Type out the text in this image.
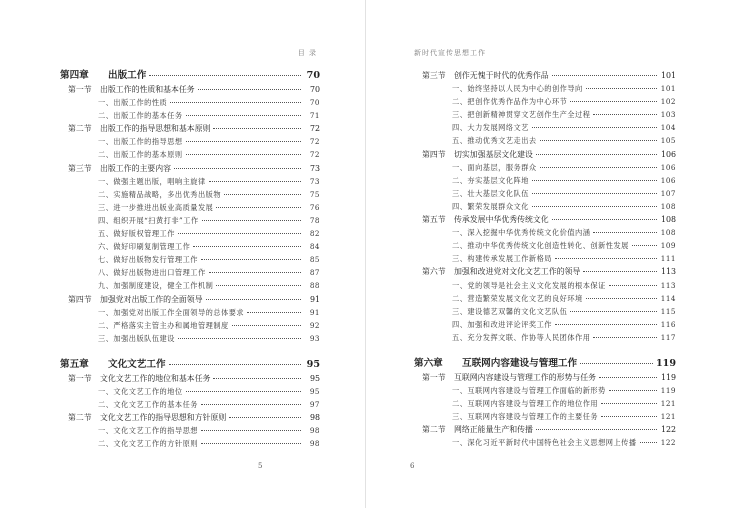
目 录
第四章	出版工作	70
第一节	出版工作的性质和基本任务	70
一、出版工作的性质	70
二、出版工作的基本任务	71
第二节	出版工作的指导思想和基本原则	72
一、出版工作的指导思想	72
二、出版工作的基本原则	72
第三节	出版工作的主要内容	73
一、做强主题出版，唱响主旋律	73
二、实施精品战略，多出优秀出版物	75
三、进一步推进出版业高质量发展	76
四、组织开展“扫黄打非”工作	78
五、做好版权管理工作	82
六、做好印刷复制管理工作	84
七、做好出版物发行管理工作	85
八、做好出版物进出口管理工作	87
九、加强制度建设，健全工作机制	88
第四节	加强党对出版工作的全面领导	91
一、加强党对出版工作全面领导的总体要求	91
二、严格落实主管主办和属地管理制度	92
三、加强出版队伍建设	93
第五章	文化文艺工作	95
第一节	文化文艺工作的地位和基本任务	95
一、文化文艺工作的地位	95
二、文化文艺工作的基本任务	97
第二节	文化文艺工作的指导思想和方针原则	98
一、文化文艺工作的指导思想	98
二、文化文艺工作的方针原则	98
5
新时代宣传思想工作
第三节	创作无愧于时代的优秀作品	101
一、始终坚持以人民为中心的创作导向	101
二、把创作优秀作品作为中心环节	102
三、把创新精神贯穿文艺创作生产全过程	103
四、大力发展网络文艺	104
五、推动优秀文艺走出去	105
第四节	切实加强基层文化建设	106
一、面向基层，服务群众	106
二、夯实基层文化阵地	106
三、壮大基层文化队伍	107
四、繁荣发展群众文化	108
第五节	传承发展中华优秀传统文化	108
一、深入挖掘中华优秀传统文化价值内涵	108
二、推动中华优秀传统文化创造性转化、创新性发展	109
三、构建传承发展工作新格局	111
第六节	加强和改进党对文化文艺工作的领导	113
一、党的领导是社会主义文化发展的根本保证	113
二、营造繁荣发展文化文艺的良好环境	114
三、建设德艺双馨的文化文艺队伍	115
四、加强和改进评论评奖工作	116
五、充分发挥文联、作协等人民团体作用	117
第六章	互联网内容建设与管理工作	119
第一节	互联网内容建设与管理工作的形势与任务	119
一、互联网内容建设与管理工作面临的新形势	119
二、互联网内容建设与管理工作的地位作用	121
三、互联网内容建设与管理工作的主要任务	121
第二节	网络正能量生产和传播	122
一、深化习近平新时代中国特色社会主义思想网上传播	122
6
